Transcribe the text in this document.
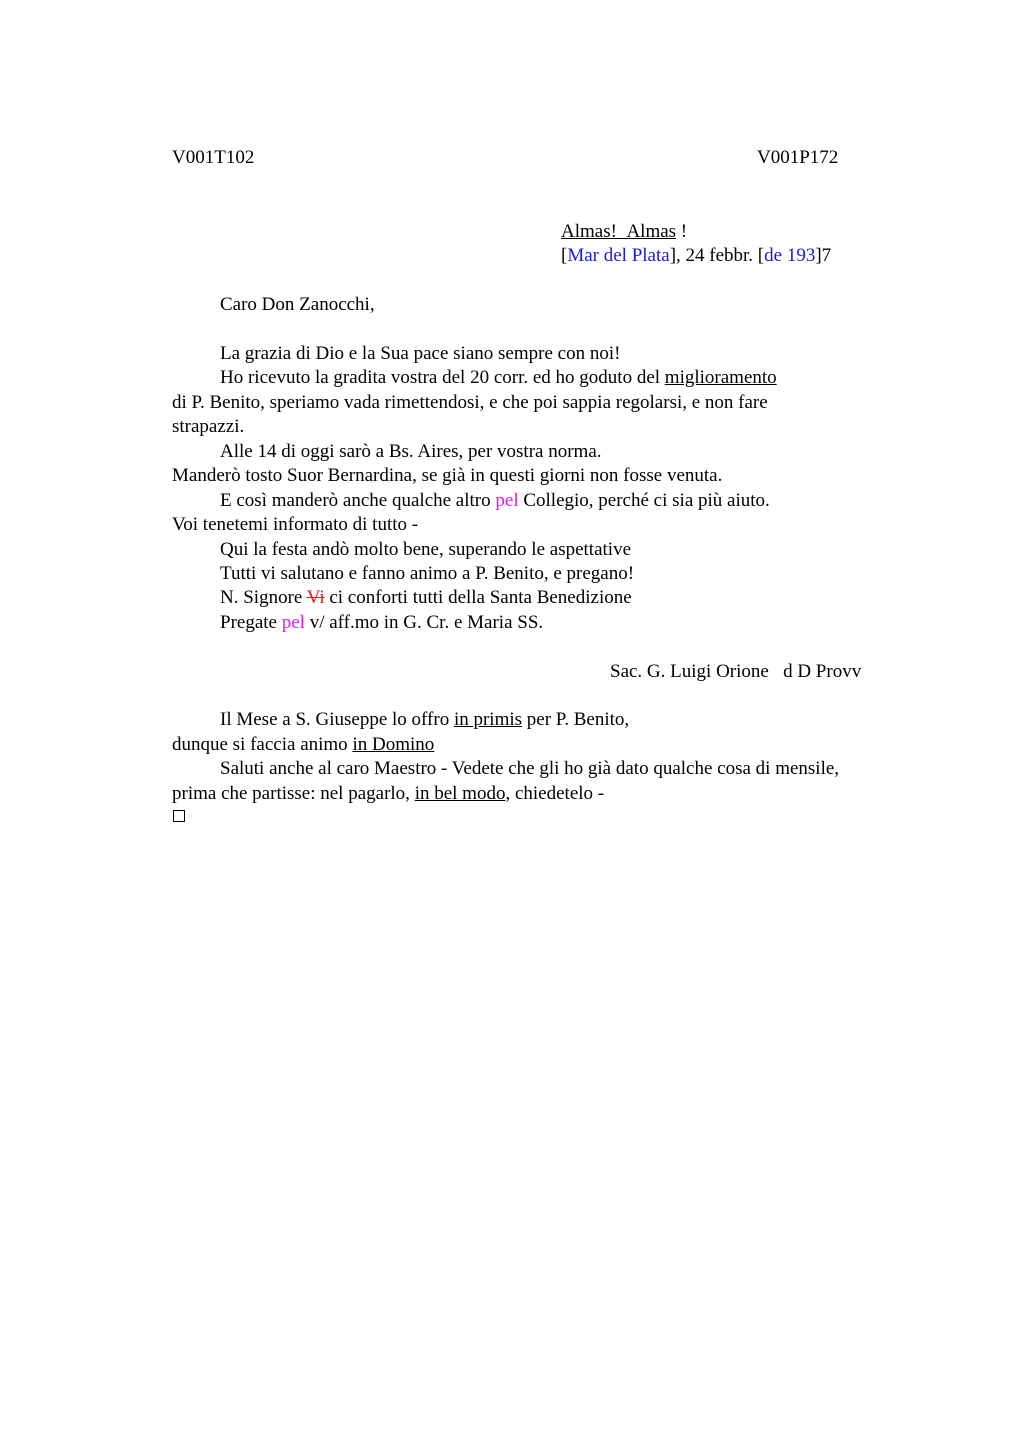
V001T102	V001P172
Almas! Almas !
[Mar del Plata], 24 febbr. [de 193]7
Caro Don Zanocchi,
La grazia di Dio e la Sua pace siano sempre con noi!
Ho ricevuto la gradita vostra del 20 corr. ed ho goduto del miglioramento
di P. Benito, speriamo vada rimettendosi, e che poi sappia regolarsi, e non fare
strapazzi.
Alle 14 di oggi sarò a Bs. Aires, per vostra norma.
Manderò tosto Suor Bernardina, se già in questi giorni non fosse venuta.
E così manderò anche qualche altro pel Collegio, perché ci sia più aiuto.
Voi tenetemi informato di tutto -
Qui la festa andò molto bene, superando le aspettative
Tutti vi salutano e fanno animo a P. Benito, e pregano!
N. Signore Vi ci conforti tutti della Santa Benedizione
Pregate pel v/ aff.mo in G. Cr. e Maria SS.
Sac. G. Luigi Orione   d D Provv
Il Mese a S. Giuseppe lo offro in primis per P. Benito,
dunque si faccia animo in Domino
Saluti anche al caro Maestro - Vedete che gli ho già dato qualche cosa di mensile,
prima che partisse: nel pagarlo, in bel modo, chiedetelo -
